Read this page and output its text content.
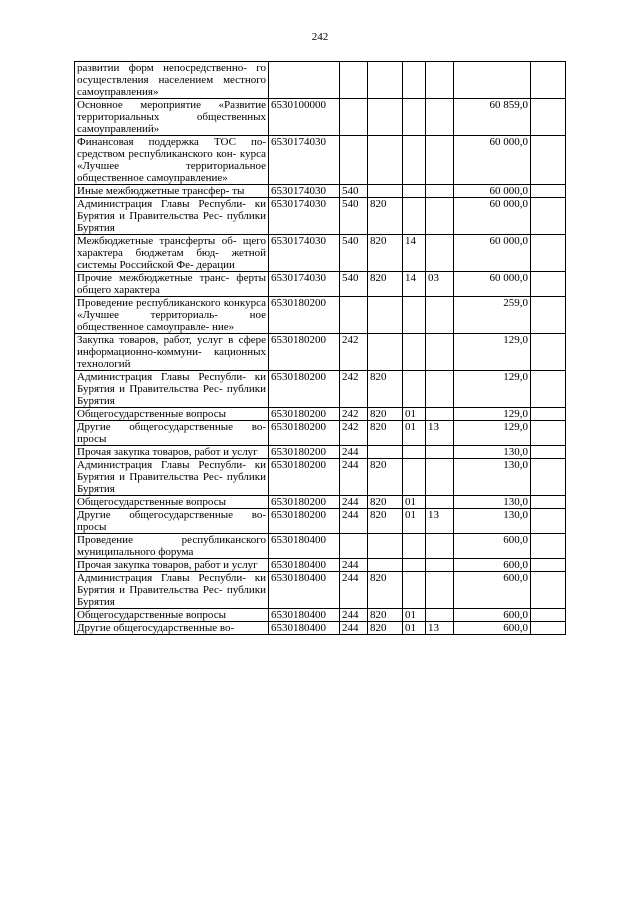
242
развитии форм непосредственно- го осуществления населением местного самоуправления»							
Основное мероприятие «Развитие территориальных общественных самоуправлений»	6530100000					60 859,0	
Финансовая поддержка ТОС по- средством республиканского кон- курса «Лучшее территориальное общественное самоуправление»	6530174030					60 000,0	
Иные межбюджетные трансфер- ты	6530174030	540				60 000,0	
Администрация Главы Республи- ки Бурятия и Правительства Рес- публики Бурятия	6530174030	540	820			60 000,0	
Межбюджетные трансферты об- щего характера бюджетам бюд- жетной системы Российской Фе- дерации	6530174030	540	820	14		60 000,0	
Прочие межбюджетные транс- ферты общего характера	6530174030	540	820	14	03	60 000,0	
Проведение республиканского конкурса «Лучшее территориаль- ное общественное самоуправле- ние»	6530180200					259,0	
Закупка товаров, работ, услуг в сфере информационно-коммуни- кационных технологий	6530180200	242				129,0	
Администрация Главы Республи- ки Бурятия и Правительства Рес- публики Бурятия	6530180200	242	820			129,0	
Общегосударственные вопросы	6530180200	242	820	01		129,0	
Другие общегосударственные во- просы	6530180200	242	820	01	13	129,0	
Прочая закупка товаров, работ и услуг	6530180200	244				130,0	
Администрация Главы Республи- ки Бурятия и Правительства Рес- публики Бурятия	6530180200	244	820			130,0	
Общегосударственные вопросы	6530180200	244	820	01		130,0	
Другие общегосударственные во- просы	6530180200	244	820	01	13	130,0	
Проведение республиканского муниципального форума	6530180400					600,0	
Прочая закупка товаров, работ и услуг	6530180400	244				600,0	
Администрация Главы Республи- ки Бурятия и Правительства Рес- публики Бурятия	6530180400	244	820			600,0	
Общегосударственные вопросы	6530180400	244	820	01		600,0	
Другие общегосударственные во-	6530180400	244	820	01	13	600,0	
